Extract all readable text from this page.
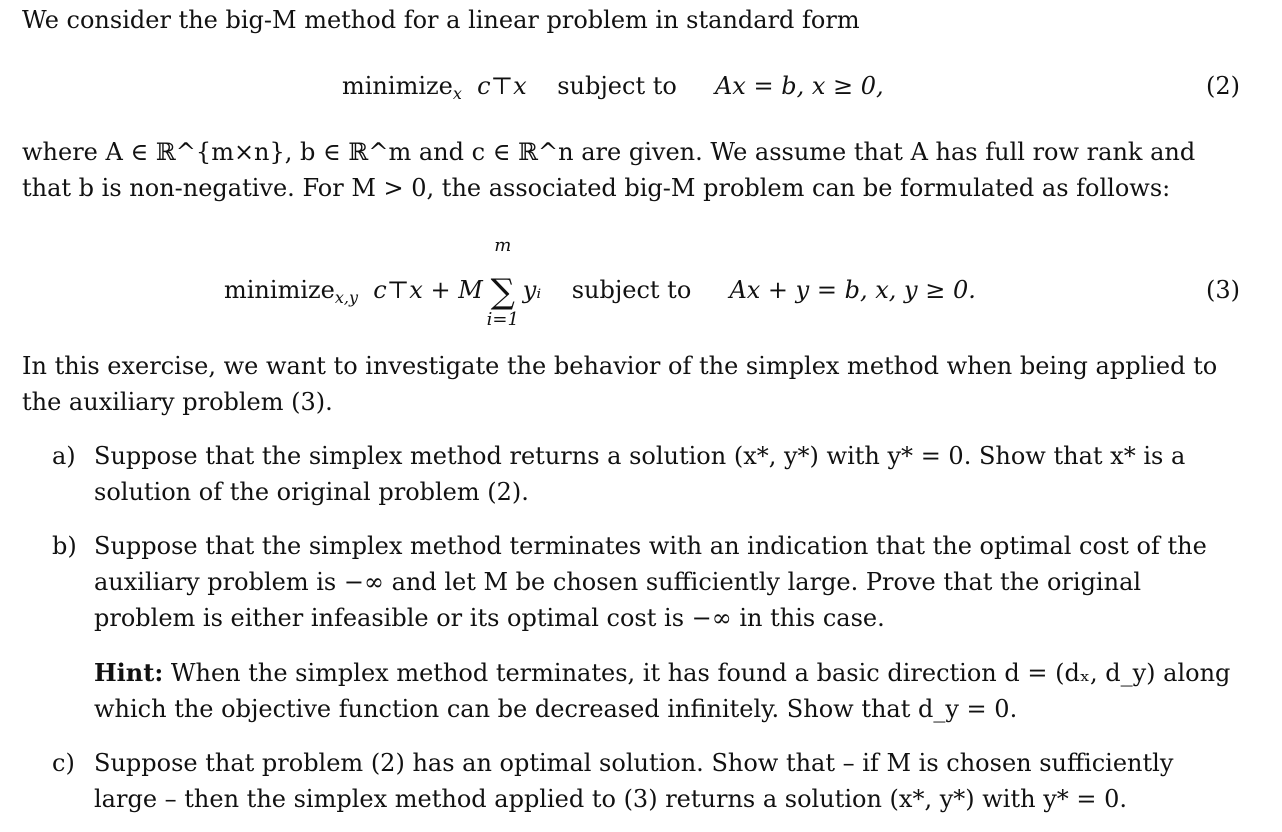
We consider the big-M method for a linear problem in standard form

minimize$_x$ c⊤x subject to Ax = b, x ≥ 0,	(2)

where A ∈ ℝ^{m×n}, b ∈ ℝ^m and c ∈ ℝ^n are given. We assume that A has full row rank and that b is non-negative. For M > 0, the associated big-M problem can be formulated as follows:

minimize$_{x,y}$ c⊤x + M
m
∑
i=1
yᵢ subject to Ax + y = b, x, y ≥ 0.	(3)

In this exercise, we want to investigate the behavior of the simplex method when being applied to the auxiliary problem (3).

a) Suppose that the simplex method returns a solution (x*, y*) with y* = 0. Show that x* is a solution of the original problem (2).
b) Suppose that the simplex method terminates with an indication that the optimal cost of the auxiliary problem is −∞ and let M be chosen sufficiently large. Prove that the original problem is either infeasible or its optimal cost is −∞ in this case.
Hint: When the simplex method terminates, it has found a basic direction d = (dₓ, d_y) along which the objective function can be decreased infinitely. Show that d_y = 0.
c) Suppose that problem (2) has an optimal solution. Show that – if M is chosen sufficiently large – then the simplex method applied to (3) returns a solution (x*, y*) with y* = 0.
